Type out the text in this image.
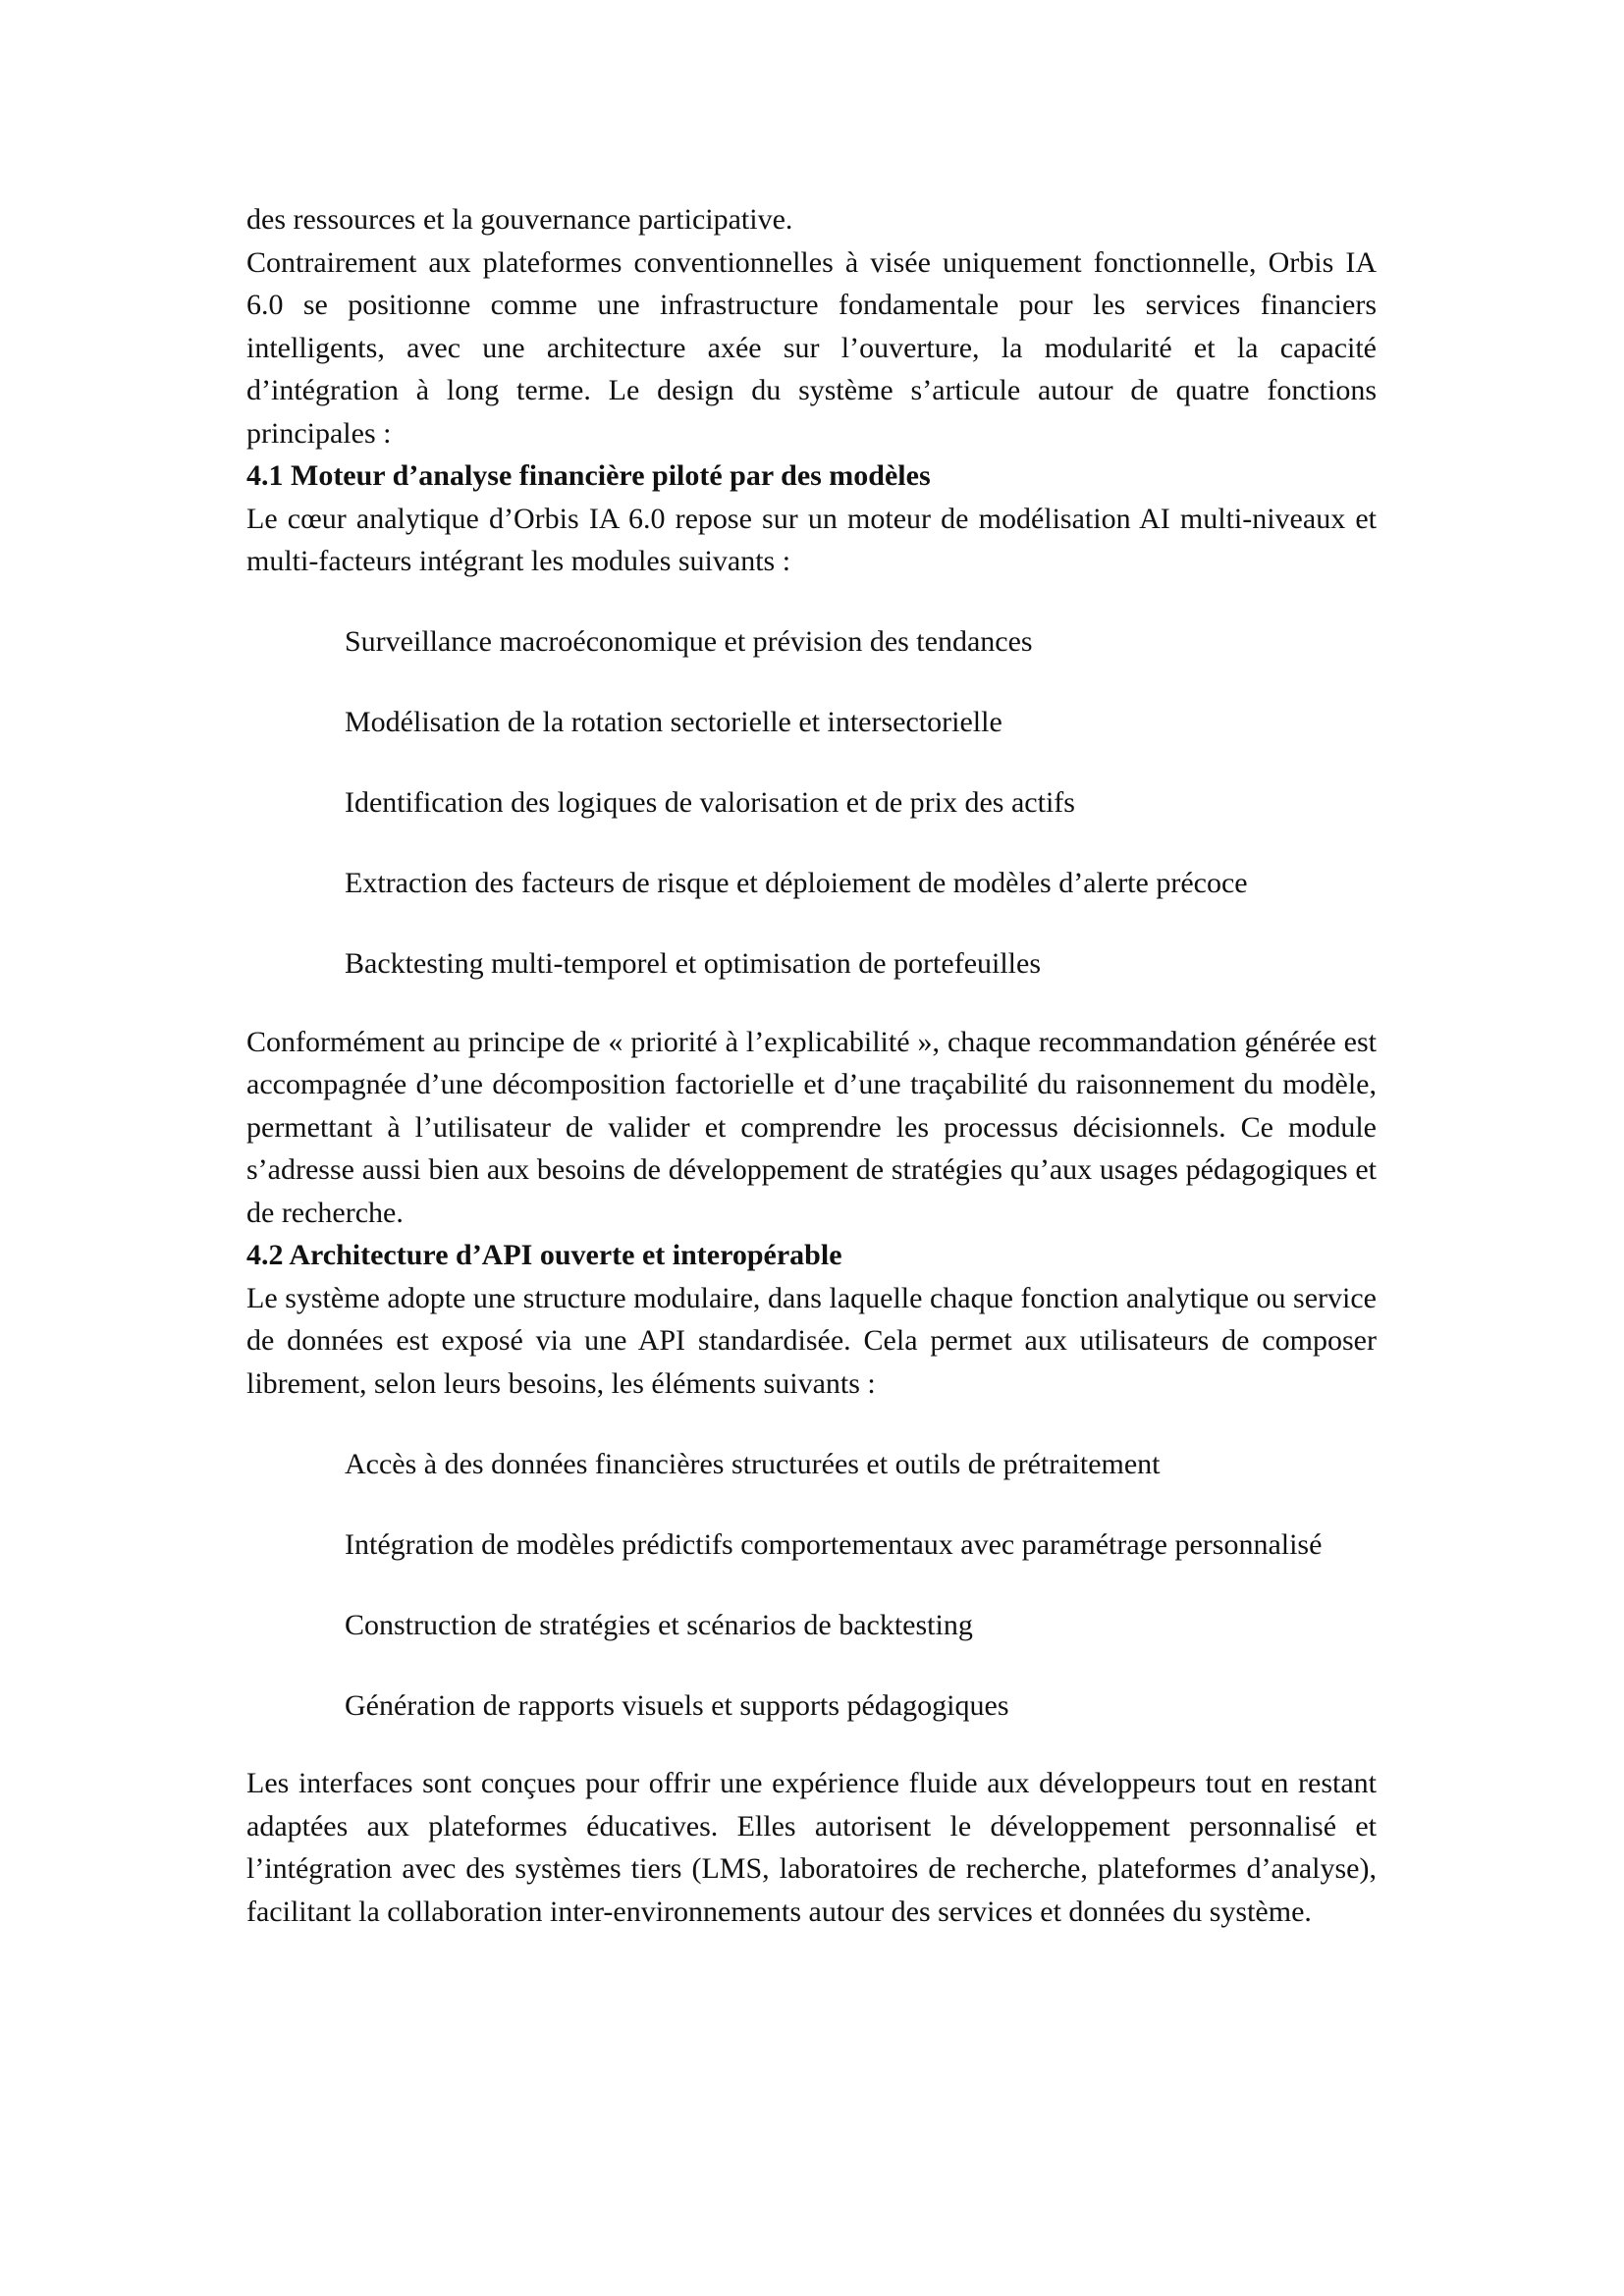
des ressources et la gouvernance participative.

Contrairement aux plateformes conventionnelles à visée uniquement fonctionnelle, Orbis IA 6.0 se positionne comme une infrastructure fondamentale pour les services financiers intelligents, avec une architecture axée sur l’ouverture, la modularité et la capacité d’intégration à long terme. Le design du système s’articule autour de quatre fonctions principales :

4.1 Moteur d’analyse financière piloté par des modèles

Le cœur analytique d’Orbis IA 6.0 repose sur un moteur de modélisation AI multi-niveaux et multi-facteurs intégrant les modules suivants :

Surveillance macroéconomique et prévision des tendances
Modélisation de la rotation sectorielle et intersectorielle
Identification des logiques de valorisation et de prix des actifs
Extraction des facteurs de risque et déploiement de modèles d’alerte précoce
Backtesting multi-temporel et optimisation de portefeuilles

Conformément au principe de « priorité à l’explicabilité », chaque recommandation générée est accompagnée d’une décomposition factorielle et d’une traçabilité du raisonnement du modèle, permettant à l’utilisateur de valider et comprendre les processus décisionnels. Ce module s’adresse aussi bien aux besoins de développement de stratégies qu’aux usages pédagogiques et de recherche.

4.2 Architecture d’API ouverte et interopérable

Le système adopte une structure modulaire, dans laquelle chaque fonction analytique ou service de données est exposé via une API standardisée. Cela permet aux utilisateurs de composer librement, selon leurs besoins, les éléments suivants :

Accès à des données financières structurées et outils de prétraitement
Intégration de modèles prédictifs comportementaux avec paramétrage personnalisé
Construction de stratégies et scénarios de backtesting
Génération de rapports visuels et supports pédagogiques

Les interfaces sont conçues pour offrir une expérience fluide aux développeurs tout en restant adaptées aux plateformes éducatives. Elles autorisent le développement personnalisé et l’intégration avec des systèmes tiers (LMS, laboratoires de recherche, plateformes d’analyse), facilitant la collaboration inter-environnements autour des services et données du système.
